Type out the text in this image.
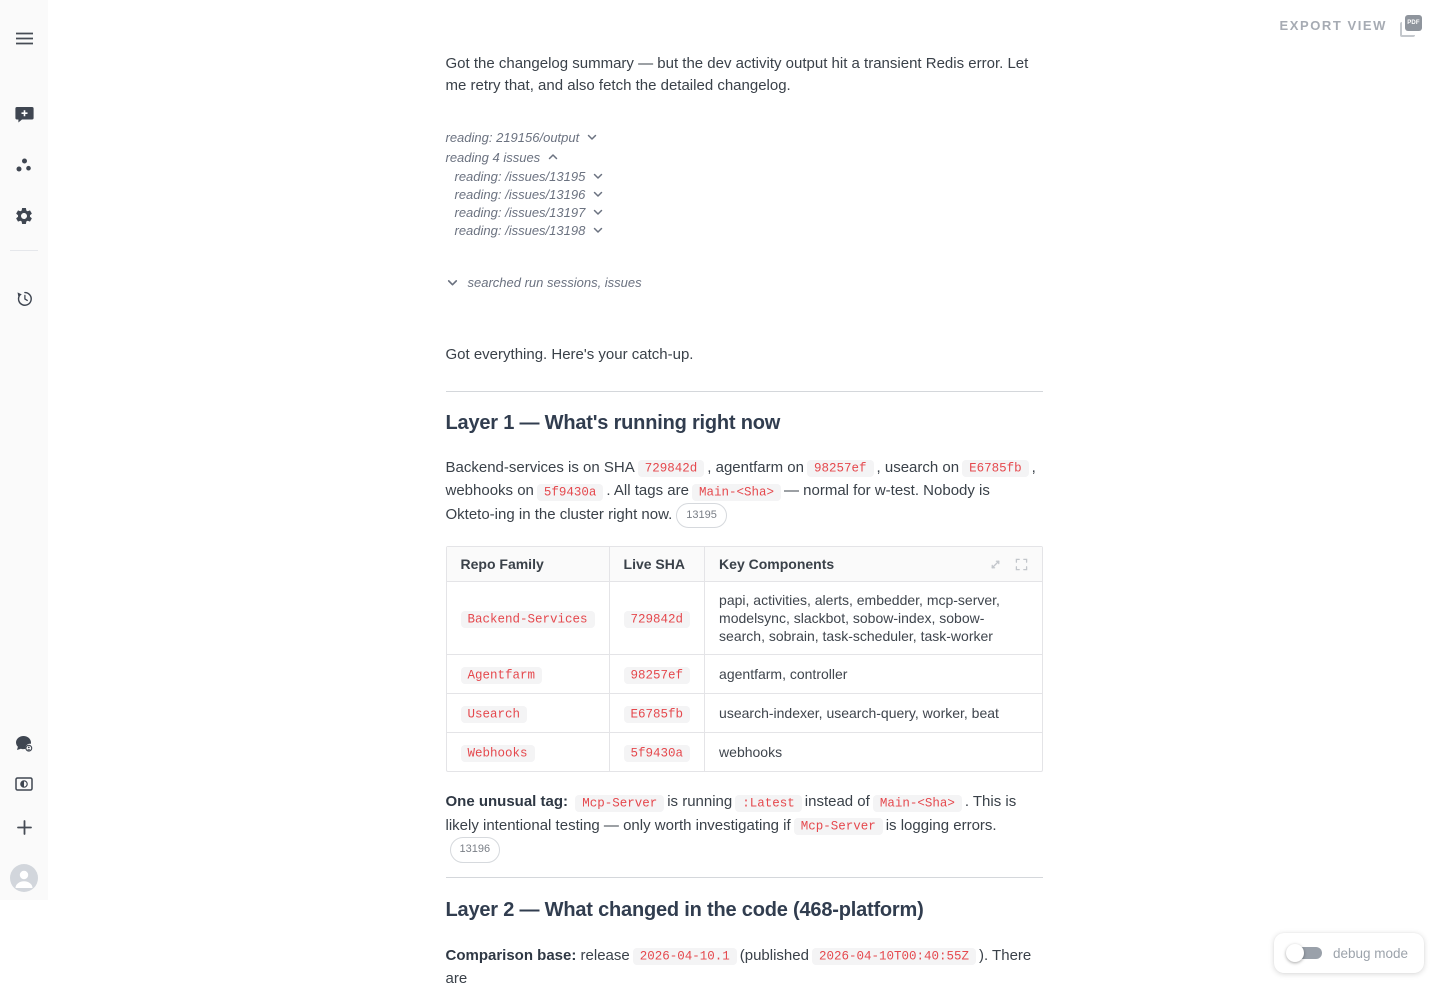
EXPORT VIEW	PDF

Got the changelog summary — but the dev activity output hit a transient Redis error. Let me retry that, and also fetch the detailed changelog.

reading: 219156/output
reading 4 issues
reading: /issues/13195
reading: /issues/13196
reading: /issues/13197
reading: /issues/13198
searched run sessions, issues

Got everything. Here's your catch-up.

Layer 1 — What's running right now

Backend-services is on SHA 729842d , agentfarm on 98257ef , usearch on E6785fb , webhooks on 5f9430a . All tags are Main-<Sha> — normal for w-test. Nobody is Okteto-ing in the cluster right now. 13195

Repo Family	Live SHA	Key Components

Backend-Services	729842d	papi, activities, alerts, embedder, mcp-server, modelsync, slackbot, sobow-index, sobow-search, sobrain, task-scheduler, task-worker
Agentfarm	98257ef	agentfarm, controller
Usearch	E6785fb	usearch-indexer, usearch-query, worker, beat
Webhooks	5f9430a	webhooks

One unusual tag: Mcp-Server is running :Latest instead of Main-<Sha> . This is likely intentional testing — only worth investigating if Mcp-Server is logging errors.13196

Layer 2 — What changed in the code (468-platform)

Comparison base: release 2026-04-10.1 (published 2026-04-10T00:40:55Z ). There are

debug mode
